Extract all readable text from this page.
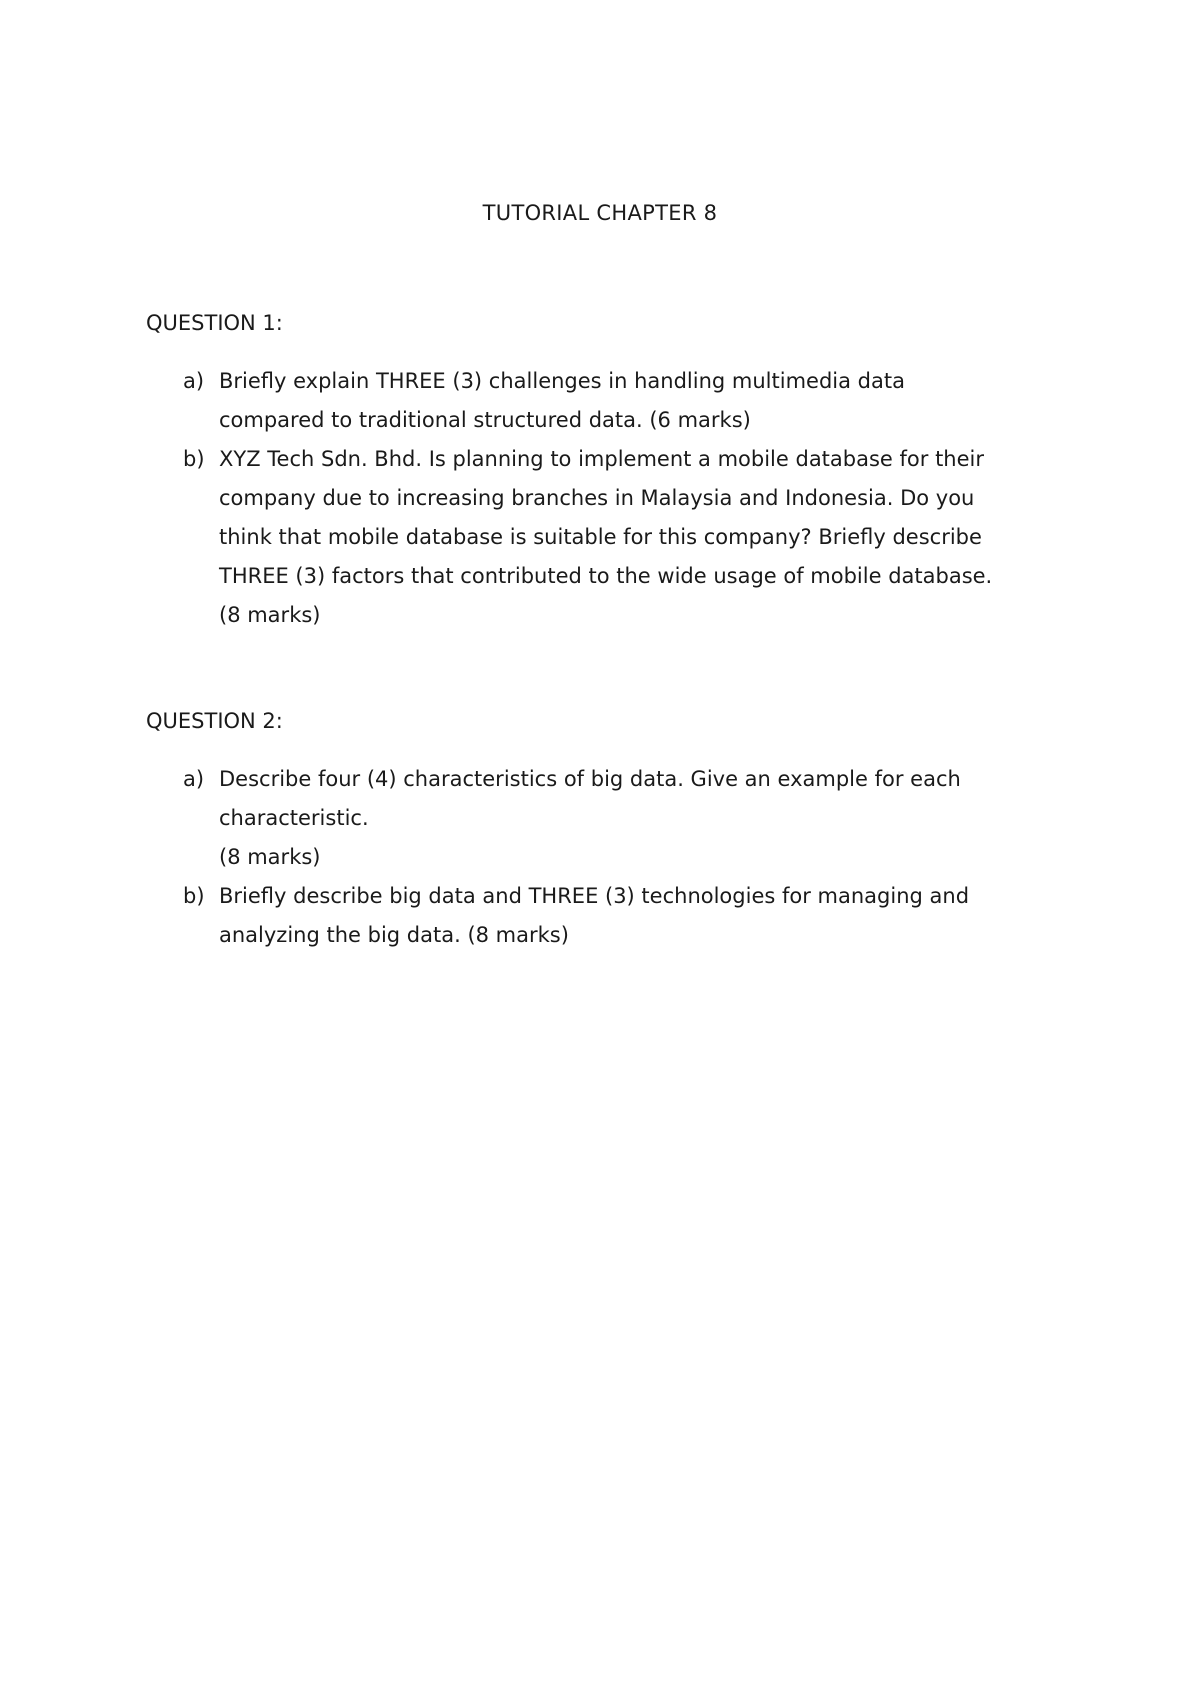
TUTORIAL CHAPTER 8
QUESTION 1:
a) Briefly explain THREE (3) challenges in handling multimedia data
compared to traditional structured data. (6 marks)
b) XYZ Tech Sdn. Bhd. Is planning to implement a mobile database for their
company due to increasing branches in Malaysia and Indonesia. Do you
think that mobile database is suitable for this company? Briefly describe
THREE (3) factors that contributed to the wide usage of mobile database.
(8 marks)
QUESTION 2:
a) Describe four (4) characteristics of big data. Give an example for each
characteristic.
(8 marks)
b) Briefly describe big data and THREE (3) technologies for managing and
analyzing the big data. (8 marks)
